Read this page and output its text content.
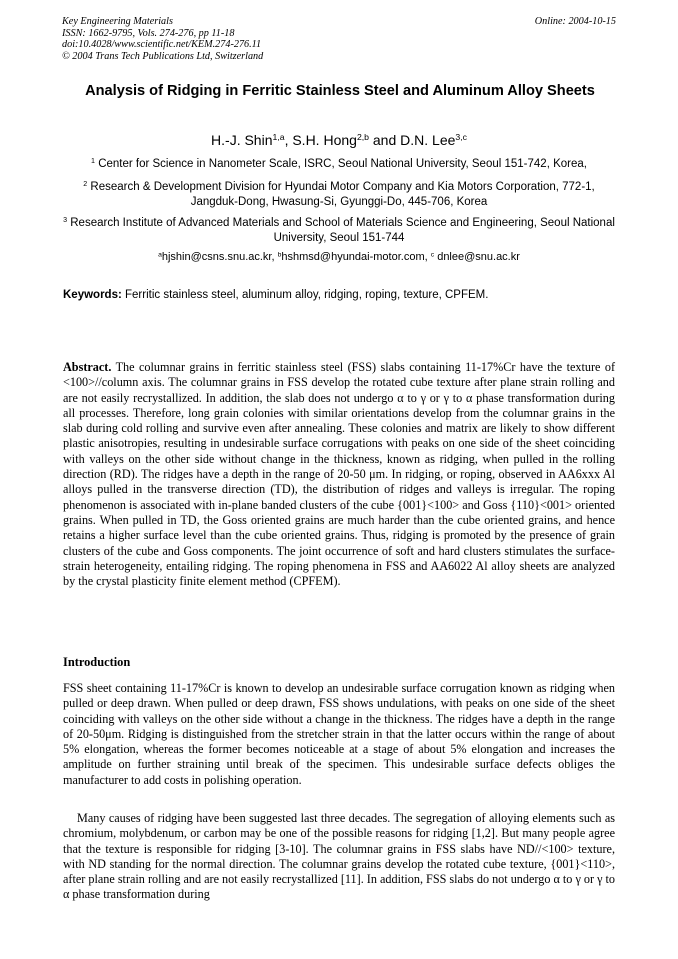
Key Engineering Materials
ISSN: 1662-9795, Vols. 274-276, pp 11-18
doi:10.4028/www.scientific.net/KEM.274-276.11
© 2004 Trans Tech Publications Ltd, Switzerland
Online: 2004-10-15
Analysis of Ridging in Ferritic Stainless Steel and Aluminum Alloy Sheets
H.-J. Shin$^{1,a}$, S.H. Hong$^{2,b}$ and D.N. Lee$^{3,c}$
$^1$ Center for Science in Nanometer Scale, ISRC, Seoul National University, Seoul 151-742, Korea,
$^2$ Research & Development Division for Hyundai Motor Company and Kia Motors Corporation, 772-1, Jangduk-Dong, Hwasung-Si, Gyunggi-Do, 445-706, Korea
$^3$ Research Institute of Advanced Materials and School of Materials Science and Engineering, Seoul National University, Seoul 151-744
$^a$hjshin@csns.snu.ac.kr, $^b$hshmsd@hyundai-motor.com, $^c$ dnlee@snu.ac.kr
Keywords: Ferritic stainless steel, aluminum alloy, ridging, roping, texture, CPFEM.
Abstract. The columnar grains in ferritic stainless steel (FSS) slabs containing 11-17%Cr have the texture of <100>//column axis. The columnar grains in FSS develop the rotated cube texture after plane strain rolling and are not easily recrystallized. In addition, the slab does not undergo α to γ or γ to α phase transformation during all processes. Therefore, long grain colonies with similar orientations develop from the columnar grains in the slab during cold rolling and survive even after annealing. These colonies and matrix are likely to show different plastic anisotropies, resulting in undesirable surface corrugations with peaks on one side of the sheet coinciding with valleys on the other side without change in the thickness, known as ridging, when pulled in the rolling direction (RD). The ridges have a depth in the range of 20-50 μm. In ridging, or roping, observed in AA6xxx Al alloys pulled in the transverse direction (TD), the distribution of ridges and valleys is irregular. The roping phenomenon is associated with in-plane banded clusters of the cube {001}<100> and Goss {110}<001> oriented grains. When pulled in TD, the Goss oriented grains are much harder than the cube oriented grains, and hence retains a higher surface level than the cube oriented grains. Thus, ridging is promoted by the presence of grain clusters of the cube and Goss components. The joint occurrence of soft and hard clusters stimulates the surface-strain heterogeneity, entailing ridging. The roping phenomena in FSS and AA6022 Al alloy sheets are analyzed by the crystal plasticity finite element method (CPFEM).
Introduction
FSS sheet containing 11-17%Cr is known to develop an undesirable surface corrugation known as ridging when pulled or deep drawn. When pulled or deep drawn, FSS shows undulations, with peaks on one side of the sheet coinciding with valleys on the other side without a change in the thickness. The ridges have a depth in the range of 20-50μm. Ridging is distinguished from the stretcher strain in that the latter occurs within the range of about 5% elongation, whereas the former becomes noticeable at a stage of about 5% elongation and increases the amplitude on further straining until break of the specimen. This undesirable surface defects obliges the manufacturer to add costs in polishing operation.
Many causes of ridging have been suggested last three decades. The segregation of alloying elements such as chromium, molybdenum, or carbon may be one of the possible reasons for ridging [1,2]. But many people agree that the texture is responsible for ridging [3-10]. The columnar grains in FSS slabs have ND//<100> texture, with ND standing for the normal direction. The columnar grains develop the rotated cube texture, {001}<110>, after plane strain rolling and are not easily recrystallized [11]. In addition, FSS slabs do not undergo α to γ or γ to α phase transformation during
